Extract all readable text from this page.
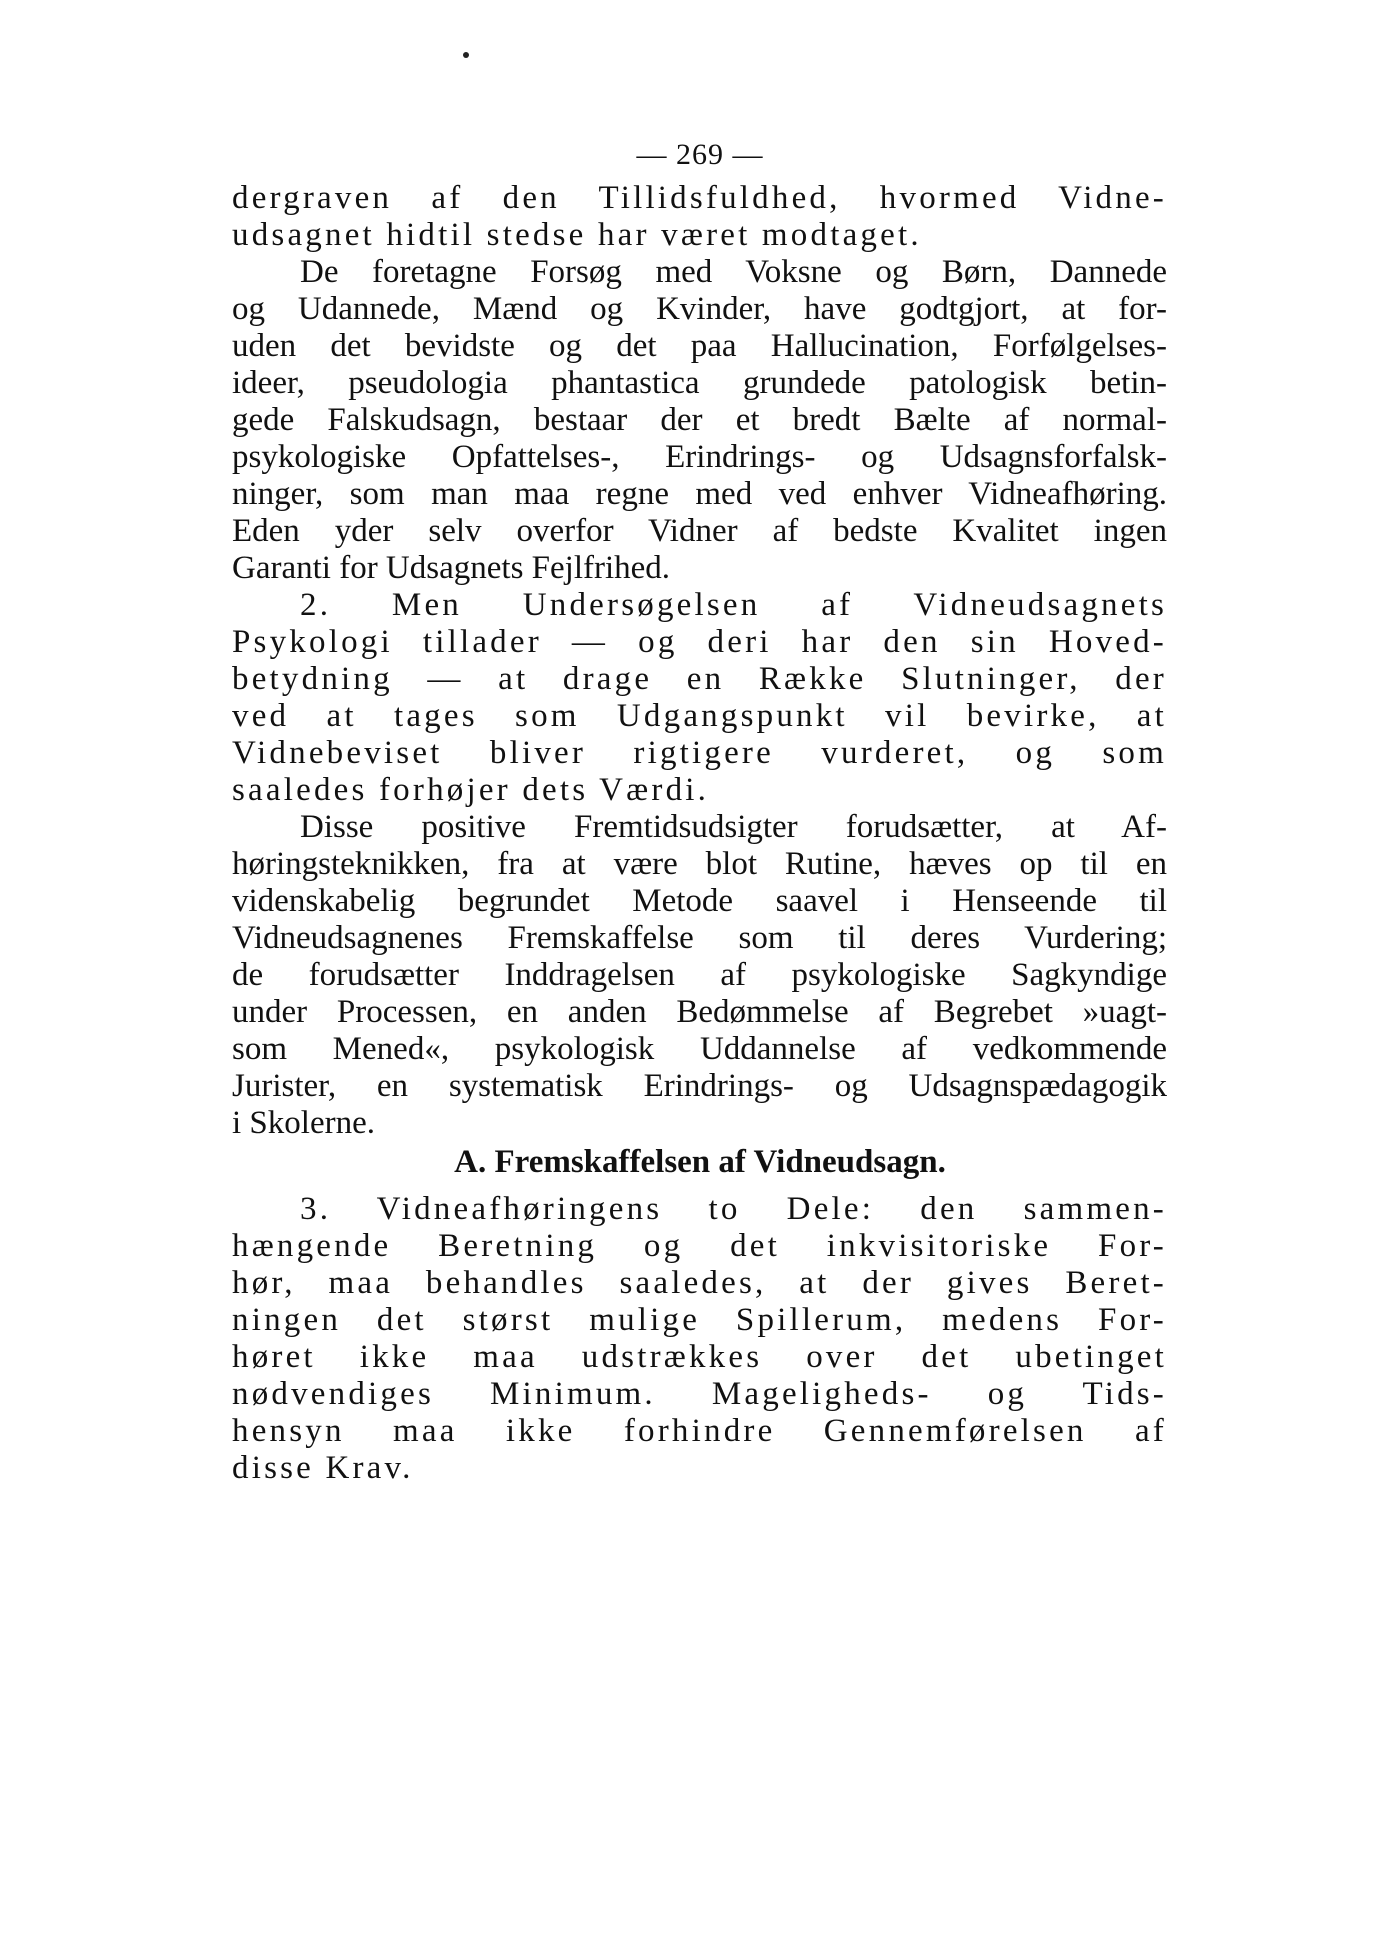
— 269 —
dergraven af den Tillidsfuldhed, hvormed Vidne-
udsagnet hidtil stedse har været modtaget.
De foretagne Forsøg med Voksne og Børn, Dannede
og Udannede, Mænd og Kvinder, have godtgjort, at for-
uden det bevidste og det paa Hallucination, Forfølgelses-
ideer, pseudologia phantastica grundede patologisk betin-
gede Falskudsagn, bestaar der et bredt Bælte af normal-
psykologiske Opfattelses-, Erindrings- og Udsagnsforfalsk-
ninger, som man maa regne med ved enhver Vidneafhøring.
Eden yder selv overfor Vidner af bedste Kvalitet ingen
Garanti for Udsagnets Fejlfrihed.
2. Men Undersøgelsen af Vidneudsagnets
Psykologi tillader — og deri har den sin Hoved-
betydning — at drage en Række Slutninger, der
ved at tages som Udgangspunkt vil bevirke, at
Vidnebeviset bliver rigtigere vurderet, og som
saaledes forhøjer dets Værdi.
Disse positive Fremtidsudsigter forudsætter, at Af-
høringsteknikken, fra at være blot Rutine, hæves op til en
videnskabelig begrundet Metode saavel i Henseende til
Vidneudsagnenes Fremskaffelse som til deres Vurdering;
de forudsætter Inddragelsen af psykologiske Sagkyndige
under Processen, en anden Bedømmelse af Begrebet »uagt-
som Mened«, psykologisk Uddannelse af vedkommende
Jurister, en systematisk Erindrings- og Udsagnspædagogik
i Skolerne.
A. Fremskaffelsen af Vidneudsagn.
3. Vidneafhøringens to Dele: den sammen-
hængende Beretning og det inkvisitoriske For-
hør, maa behandles saaledes, at der gives Beret-
ningen det størst mulige Spillerum, medens For-
høret ikke maa udstrækkes over det ubetinget
nødvendiges Minimum. Mageligheds- og Tids-
hensyn maa ikke forhindre Gennemførelsen af
disse Krav.
